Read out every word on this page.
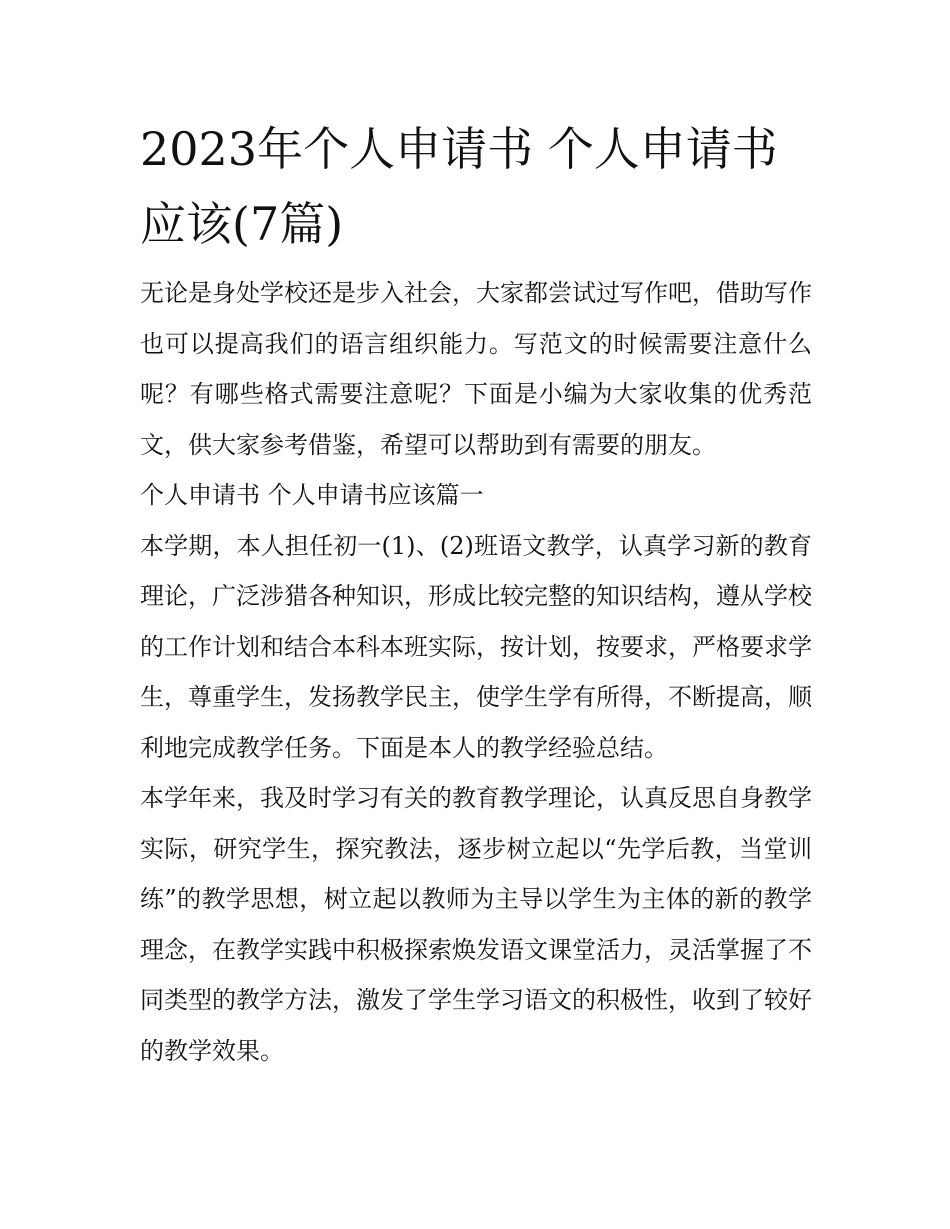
2023年个人申请书 个人申请书应该(7篇)

无论是身处学校还是步入社会，大家都尝试过写作吧，借助写作也可以提高我们的语言组织能力。写范文的时候需要注意什么呢？有哪些格式需要注意呢？下面是小编为大家收集的优秀范文，供大家参考借鉴，希望可以帮助到有需要的朋友。

个人申请书 个人申请书应该篇一

本学期，本人担任初一(1)、(2)班语文教学，认真学习新的教育理论，广泛涉猎各种知识，形成比较完整的知识结构，遵从学校的工作计划和结合本科本班实际，按计划，按要求，严格要求学生，尊重学生，发扬教学民主，使学生学有所得，不断提高，顺利地完成教学任务。下面是本人的教学经验总结。

本学年来，我及时学习有关的教育教学理论，认真反思自身教学实际，研究学生，探究教法，逐步树立起以“先学后教，当堂训练”的教学思想，树立起以教师为主导以学生为主体的新的教学理念，在教学实践中积极探索焕发语文课堂活力，灵活掌握了不同类型的教学方法，激发了学生学习语文的积极性，收到了较好的教学效果。
